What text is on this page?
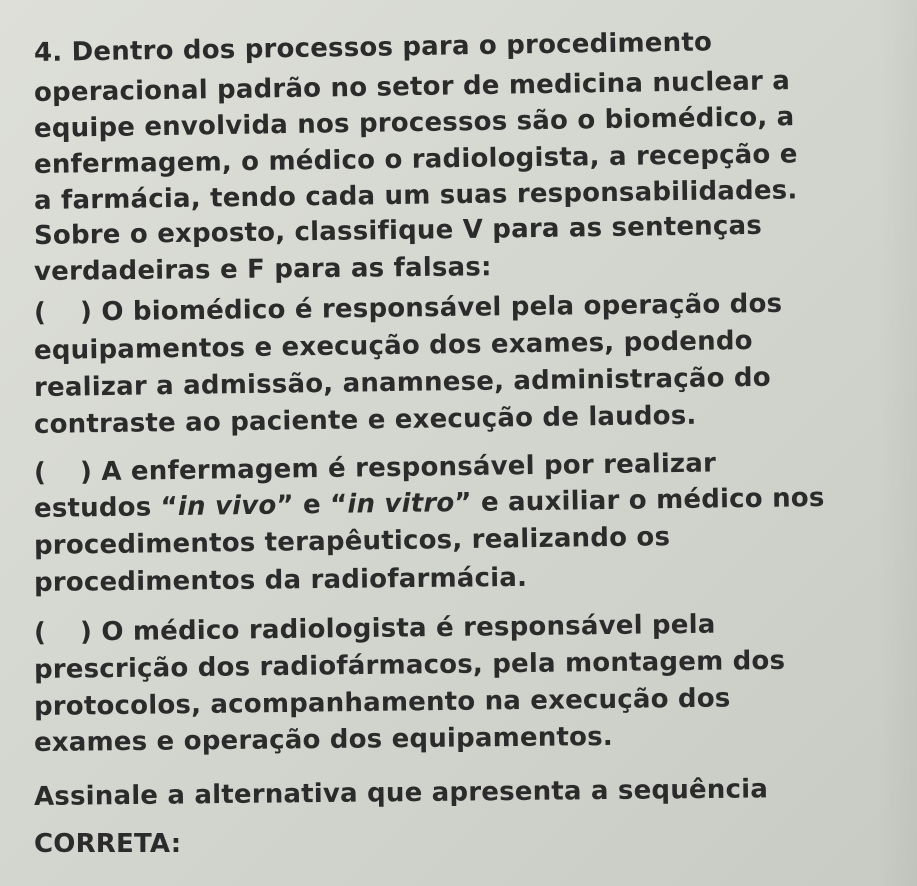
4. Dentro dos processos para o procedimento
operacional padrão no setor de medicina nuclear a
equipe envolvida nos processos são o biomédico, a
enfermagem, o médico o radiologista, a recepção e
a farmácia, tendo cada um suas responsabilidades.
Sobre o exposto, classifique V para as sentenças
verdadeiras e F para as falsas:
( ) O biomédico é responsável pela operação dos
equipamentos e execução dos exames, podendo
realizar a admissão, anamnese, administração do
contraste ao paciente e execução de laudos.
( ) A enfermagem é responsável por realizar
estudos “in vivo” e “in vitro” e auxiliar o médico nos
procedimentos terapêuticos, realizando os
procedimentos da radiofarmácia.
( ) O médico radiologista é responsável pela
prescrição dos radiofármacos, pela montagem dos
protocolos, acompanhamento na execução dos
exames e operação dos equipamentos.
Assinale a alternativa que apresenta a sequência
CORRETA:
